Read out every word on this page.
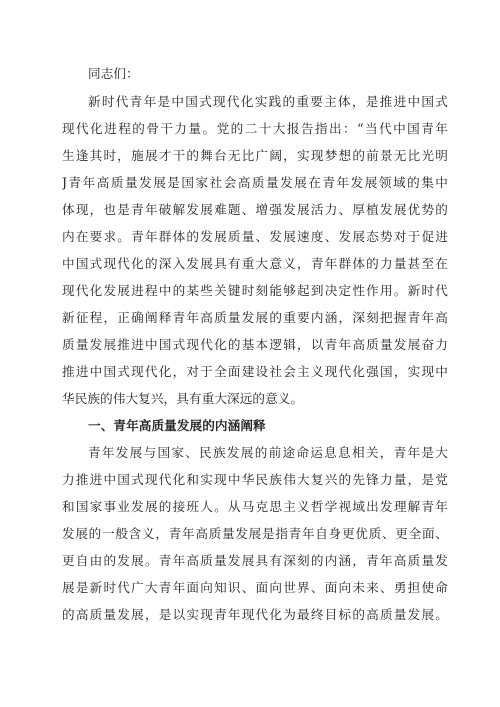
同志们：
新时代青年是中国式现代化实践的重要主体，是推进中国式
现代化进程的骨干力量。党的二十大报告指出：“当代中国青年
生逢其时，施展才干的舞台无比广阔，实现梦想的前景无比光明
J青年高质量发展是国家社会高质量发展在青年发展领域的集中
体现，也是青年破解发展难题、增强发展活力、厚植发展优势的
内在要求。青年群体的发展质量、发展速度、发展态势对于促进
中国式现代化的深入发展具有重大意义，青年群体的力量甚至在
现代化发展进程中的某些关键时刻能够起到决定性作用。新时代
新征程，正确阐释青年高质量发展的重要内涵，深刻把握青年高
质量发展推进中国式现代化的基本逻辑，以青年高质量发展奋力
推进中国式现代化，对于全面建设社会主义现代化强国，实现中
华民族的伟大复兴，具有重大深远的意义。
一、青年高质量发展的内涵阐释
青年发展与国家、民族发展的前途命运息息相关，青年是大
力推进中国式现代化和实现中华民族伟大复兴的先锋力量，是党
和国家事业发展的接班人。从马克思主义哲学视域出发理解青年
发展的一般含义，青年高质量发展是指青年自身更优质、更全面、
更自由的发展。青年高质量发展具有深刻的内涵，青年高质量发
展是新时代广大青年面向知识、面向世界、面向未来、勇担使命
的高质量发展，是以实现青年现代化为最终目标的高质量发展。
